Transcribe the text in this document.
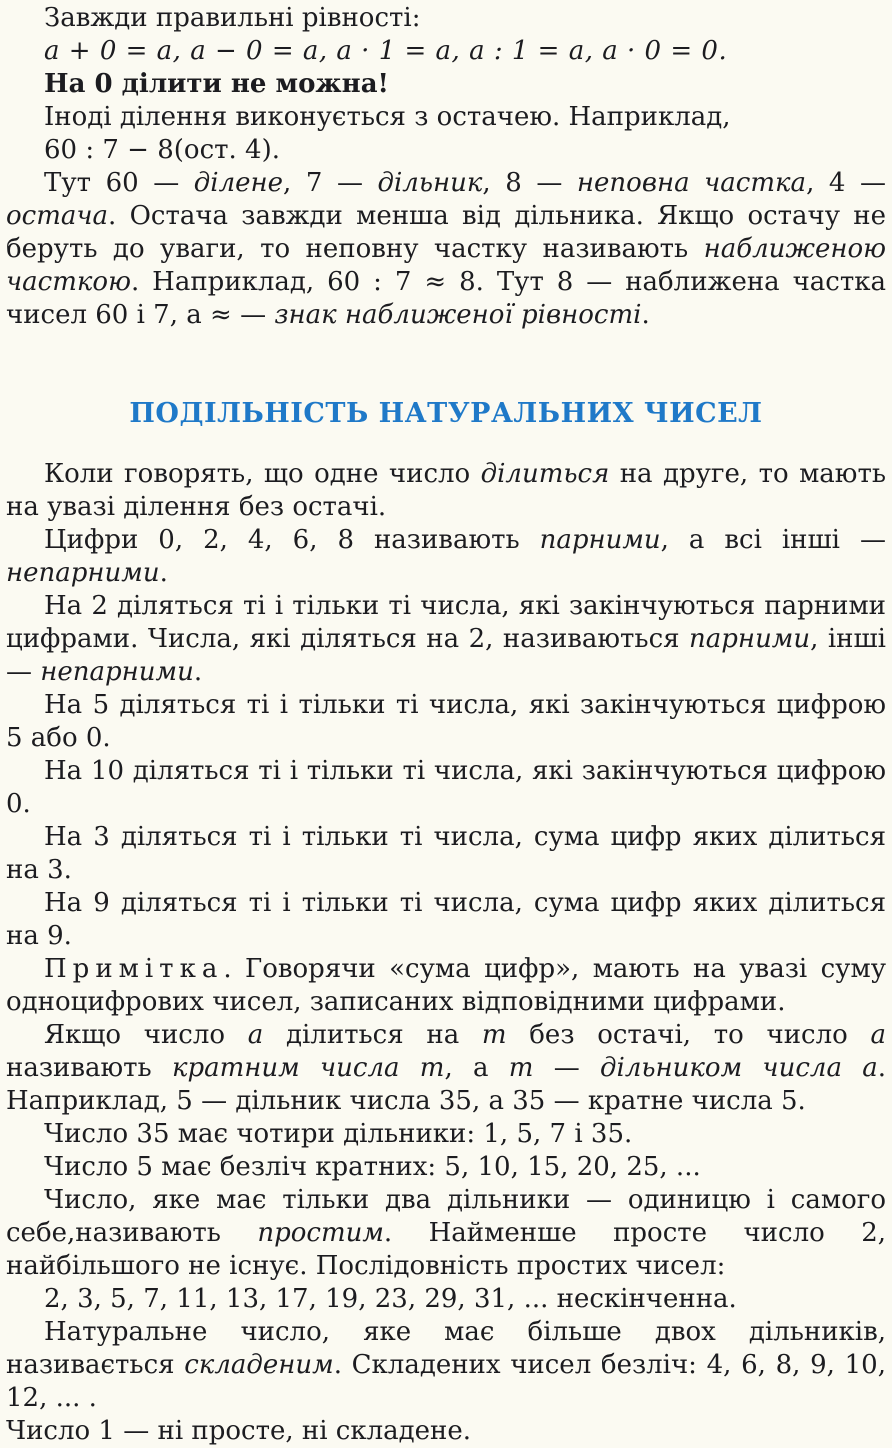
Завжди правильні рівності:

a + 0 = a, a − 0 = a, a · 1 = a, a : 1 = a, a · 0 = 0.

На 0 ділити не можна!

Іноді ділення виконується з остачею. Наприклад,

60 : 7 − 8(ост. 4).

Тут 60 — ділене, 7 — дільник, 8 — неповна частка, 4 — остача. Остача завжди менша від дільника. Якщо остачу не беруть до уваги, то неповну частку називають наближеною часткою. Наприклад, 60 : 7 ≈ 8. Тут 8 — наближена частка чисел 60 і 7, а ≈ — знак наближеної рівності.

ПОДІЛЬНІСТЬ НАТУРАЛЬНИХ ЧИСЕЛ

Коли говорять, що одне число ділиться на друге, то мають на увазі ділення без остачі.

Цифри 0, 2, 4, 6, 8 називають парними, а всі інші — непарними.

На 2 діляться ті і тільки ті числа, які закінчуються парними цифрами. Числа, які діляться на 2, називаються парними, інші — непарними.

На 5 діляться ті і тільки ті числа, які закінчуються цифрою 5 або 0.

На 10 діляться ті і тільки ті числа, які закінчуються цифрою 0.

На 3 діляться ті і тільки ті числа, сума цифр яких ділиться на 3.

На 9 діляться ті і тільки ті числа, сума цифр яких ділиться на 9.

Примітка. Говорячи «сума цифр», мають на увазі суму одноцифрових чисел, записаних відповідними цифрами.

Якщо число a ділиться на m без остачі, то число a називають кратним числа m, а m — дільником числа a. Наприклад, 5 — дільник числа 35, а 35 — кратне числа 5.

Число 35 має чотири дільники: 1, 5, 7 і 35.

Число 5 має безліч кратних: 5, 10, 15, 20, 25, ...

Число, яке має тільки два дільники — одиницю і самого себе,називають простим. Найменше просте число 2, найбільшого не існує. Послідовність простих чисел:

2, 3, 5, 7, 11, 13, 17, 19, 23, 29, 31, ... нескінченна.

Натуральне число, яке має більше двох дільників, називається складеним. Складених чисел безліч: 4, 6, 8, 9, 10, 12, ... .

Число 1 — ні просте, ні складене.
